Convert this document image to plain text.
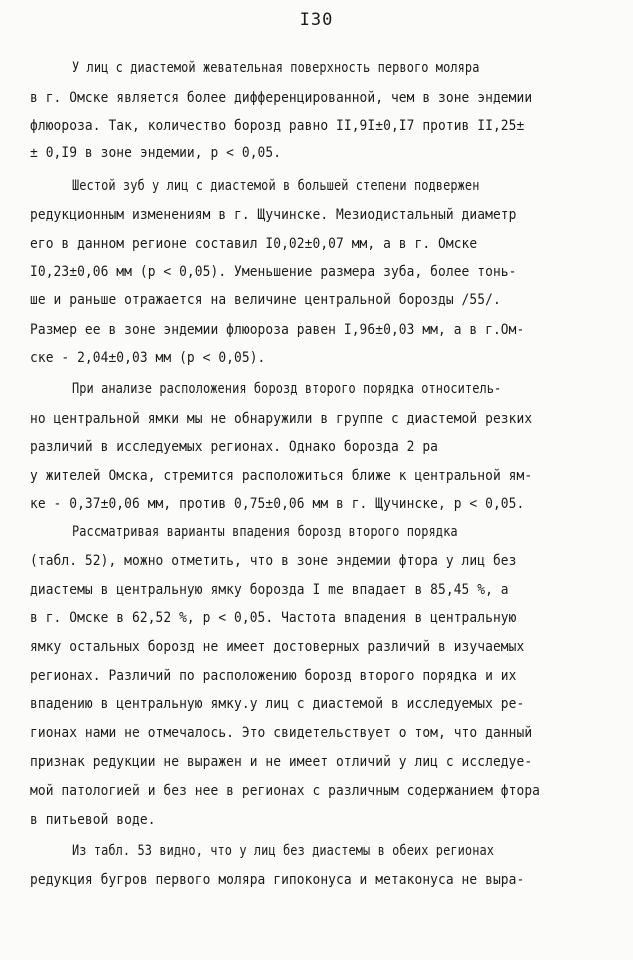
I30
У лиц с диастемой жевательная поверхность первого моляра
в г. Омске является более дифференцированной, чем в зоне эндемии
флюороза. Так, количество борозд равно II,9I±0,I7 против II,25±
± 0,I9 в зоне эндемии, р < 0,05.
Шестой зуб у лиц с диастемой в большей степени подвержен
редукционным изменениям в г. Щучинске. Мезиодистальный диаметр
его в данном регионе составил I0,02±0,07 мм, а в г. Омске
I0,23±0,06 мм (р < 0,05). Уменьшение размера зуба, более тонь-
ше и раньше отражается на величине центральной борозды /55/.
Размер ее в зоне эндемии флюороза равен I,96±0,03 мм, а в г.Ом-
ске - 2,04±0,03 мм (р < 0,05).
При анализе расположения борозд второго порядка относитель-
но центральной ямки мы не обнаружили в группе с диастемой резких
различий в исследуемых регионах. Однако борозда 2 ра
у жителей Омска, стремится расположиться ближе к центральной ям-
ке - 0,37±0,06 мм, против 0,75±0,06 мм в г. Щучинске, р < 0,05.
Рассматривая варианты впадения борозд второго порядка
(табл. 52), можно отметить, что в зоне эндемии фтора у лиц без
диастемы в центральную ямку борозда I me впадает в 85,45 %, а
в г. Омске в 62,52 %, р < 0,05. Частота впадения в центральную
ямку остальных борозд не имеет достоверных различий в изучаемых
регионах. Различий по расположению борозд второго порядка и их
впадению в центральную ямку.у лиц с диастемой в исследуемых ре-
гионах нами не отмечалось. Это свидетельствует о том, что данный
признак редукции не выражен и не имеет отличий у лиц с исследуе-
мой патологией и без нее в регионах с различным содержанием фтора
в питьевой воде.
Из табл. 53 видно, что у лиц без диастемы в обеих регионах
редукция бугров первого моляра гипоконуса и метаконуса не выра-
